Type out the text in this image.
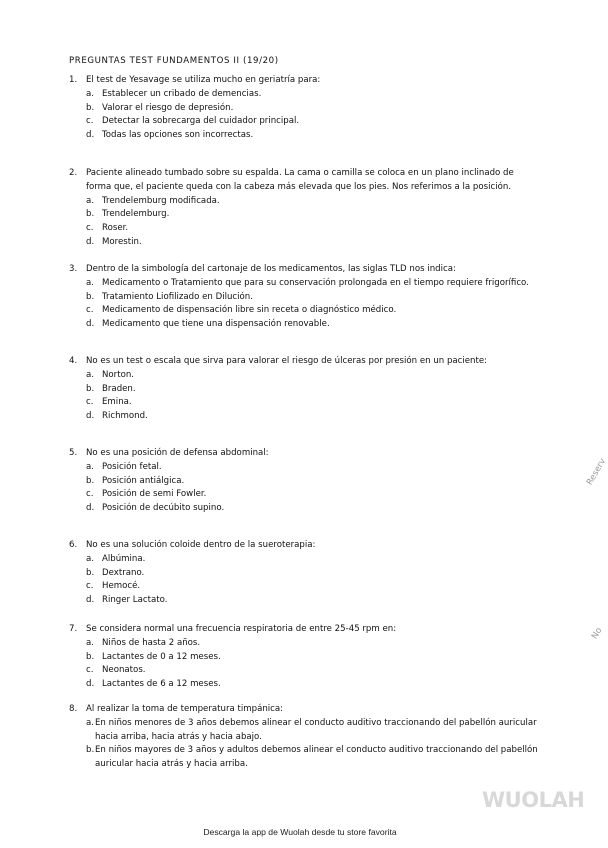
PREGUNTAS TEST FUNDAMENTOS II (19/20)
1.	El test de Yesavage se utiliza mucho en geriatría para:
a. Establecer un cribado de demencias.
b. Valorar el riesgo de depresión.
c. Detectar la sobrecarga del cuidador principal.
d. Todas las opciones son incorrectas.
2.	Paciente alineado tumbado sobre su espalda. La cama o camilla se coloca en un plano inclinado de forma que, el paciente queda con la cabeza más elevada que los pies. Nos referimos a la posición.
a. Trendelemburg modificada.
b. Trendelemburg.
c. Roser.
d. Morestin.
3.	Dentro de la simbología del cartonaje de los medicamentos, las siglas TLD nos indica:
a. Medicamento o Tratamiento que para su conservación prolongada en el tiempo requiere frigorífico.
b. Tratamiento Liofilizado en Dilución.
c. Medicamento de dispensación libre sin receta o diagnóstico médico.
d. Medicamento que tiene una dispensación renovable.
4.	No es un test o escala que sirva para valorar el riesgo de úlceras por presión en un paciente:
a. Norton.
b. Braden.
c. Emina.
d. Richmond.
5.	No es una posición de defensa abdominal:
a. Posición fetal.
b. Posición antiálgica.
c. Posición de semi Fowler.
d. Posición de decúbito supino.
6.	No es una solución coloide dentro de la sueroterapia:
a. Albúmina.
b. Dextrano.
c. Hemocé.
d. Ringer Lactato.
7.	Se considera normal una frecuencia respiratoria de entre 25-45 rpm en:
a. Niños de hasta 2 años.
b. Lactantes de 0 a 12 meses.
c. Neonatos.
d. Lactantes de 6 a 12 meses.
8.	Al realizar la toma de temperatura timpánica:
a. En niños menores de 3 años debemos alinear el conducto auditivo traccionando del pabellón auricular hacia arriba, hacia atrás y hacia abajo.
b. En niños mayores de 3 años y adultos debemos alinear el conducto auditivo traccionando del pabellón auricular hacia atrás y hacia arriba.
Reserv
No
WUOLAH
Descarga la app de Wuolah desde tu store favorita
